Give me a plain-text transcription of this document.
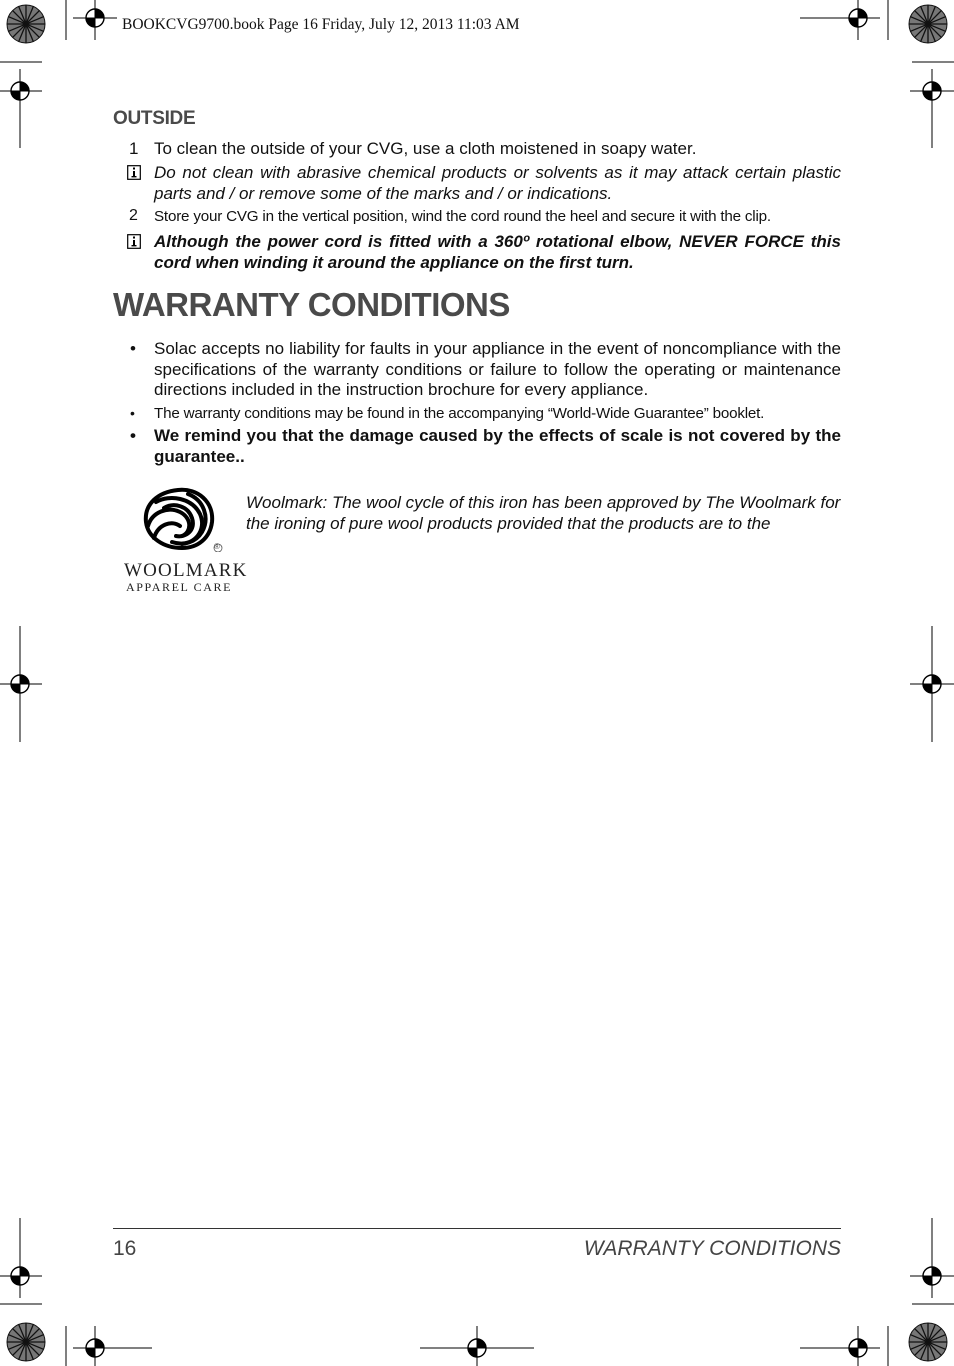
BOOKCVG9700.book Page 16 Friday, July 12, 2013 11:03 AM
OUTSIDE
1 To clean the outside of your CVG, use a cloth moistened in soapy water.
Do not clean with abrasive chemical products or solvents as it may attack certain plastic parts and / or remove some of the marks and / or indications.
2 Store your CVG in the vertical position, wind the cord round the heel and secure it with the clip.
Although the power cord is fitted with a 360º rotational elbow, NEVER FORCE this cord when winding it around the appliance on the first turn.
WARRANTY CONDITIONS
• Solac accepts no liability for faults in your appliance in the event of noncompliance with the specifications of the warranty conditions or failure to follow the operating or maintenance directions included in the instruction brochure for every appliance.
• The warranty conditions may be found in the accompanying “World-Wide Guarantee” booklet.
• We remind you that the damage caused by the effects of scale is not covered by the guarantee..
®
WOOLMARK
APPAREL CARE
Woolmark: The wool cycle of this iron has been approved by The Woolmark for the ironing of pure wool products provided that the products are to the
16	WARRANTY CONDITIONS
